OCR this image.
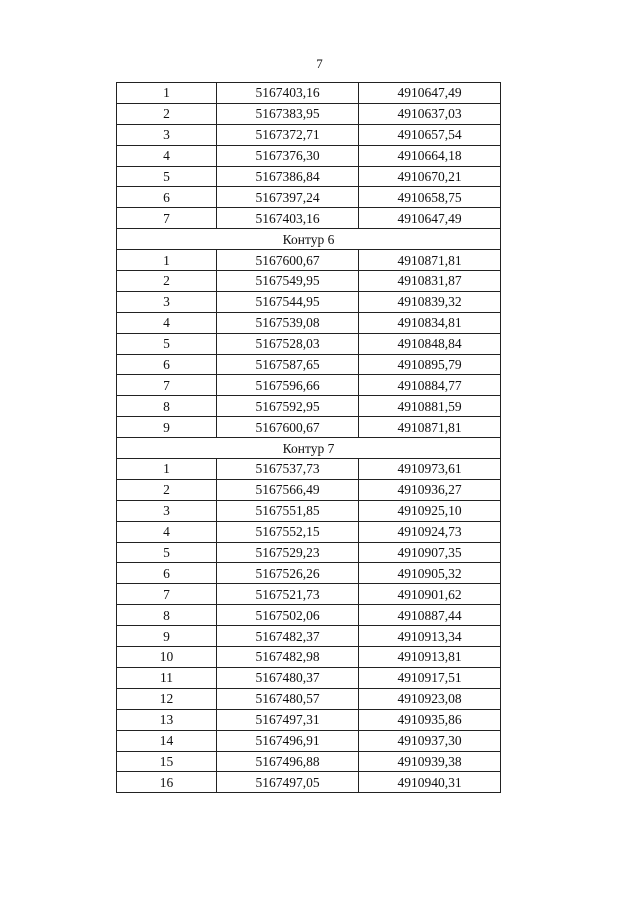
7
1	5167403,16	4910647,49
2	5167383,95	4910637,03
3	5167372,71	4910657,54
4	5167376,30	4910664,18
5	5167386,84	4910670,21
6	5167397,24	4910658,75
7	5167403,16	4910647,49
Контур 6		
1	5167600,67	4910871,81
2	5167549,95	4910831,87
3	5167544,95	4910839,32
4	5167539,08	4910834,81
5	5167528,03	4910848,84
6	5167587,65	4910895,79
7	5167596,66	4910884,77
8	5167592,95	4910881,59
9	5167600,67	4910871,81
Контур 7		
1	5167537,73	4910973,61
2	5167566,49	4910936,27
3	5167551,85	4910925,10
4	5167552,15	4910924,73
5	5167529,23	4910907,35
6	5167526,26	4910905,32
7	5167521,73	4910901,62
8	5167502,06	4910887,44
9	5167482,37	4910913,34
10	5167482,98	4910913,81
11	5167480,37	4910917,51
12	5167480,57	4910923,08
13	5167497,31	4910935,86
14	5167496,91	4910937,30
15	5167496,88	4910939,38
16	5167497,05	4910940,31
